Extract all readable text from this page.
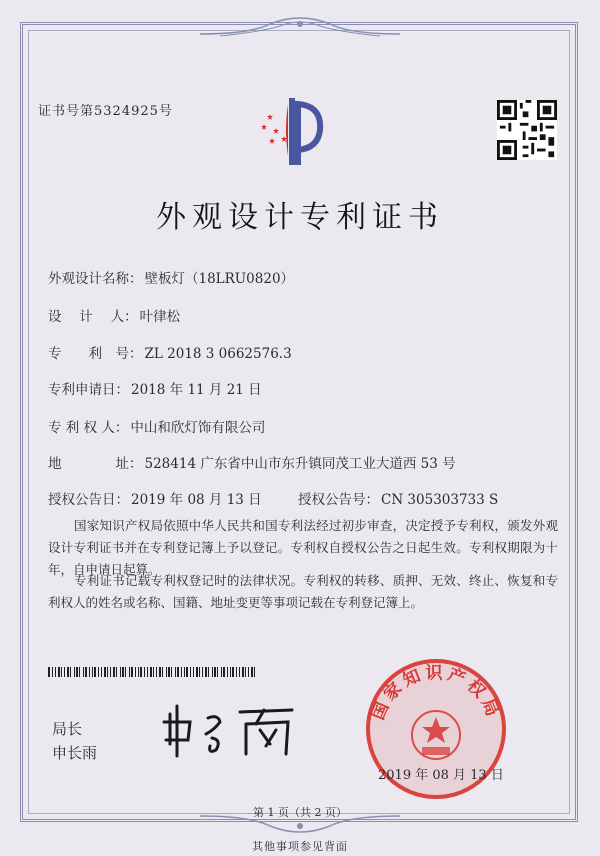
证书号第5324925号
外观设计专利证书
外观设计名称： 壁板灯（18LRU0820）
设　 计　 人： 叶律松
专　　利　号： ZL 2018 3 0662576.3
专利申请日： 2018 年 11 月 21 日
专 利 权 人： 中山和欣灯饰有限公司
地　　　　址： 528414 广东省中山市东升镇同茂工业大道西 53 号
授权公告日： 2019 年 08 月 13 日	授权公告号： CN 305303733 S

国家知识产权局依照中华人民共和国专利法经过初步审查，决定授予专利权，颁发外观设计专利证书并在专利登记簿上予以登记。专利权自授权公告之日起生效。专利权期限为十年，自申请日起算。

专利证书记载专利权登记时的法律状况。专利权的转移、质押、无效、终止、恢复和专利权人的姓名或名称、国籍、地址变更等事项记载在专利登记簿上。

局长
申长雨
国家知识产权局
2019 年 08 月 13 日
第 1 页（共 2 页）
其他事项参见背面
